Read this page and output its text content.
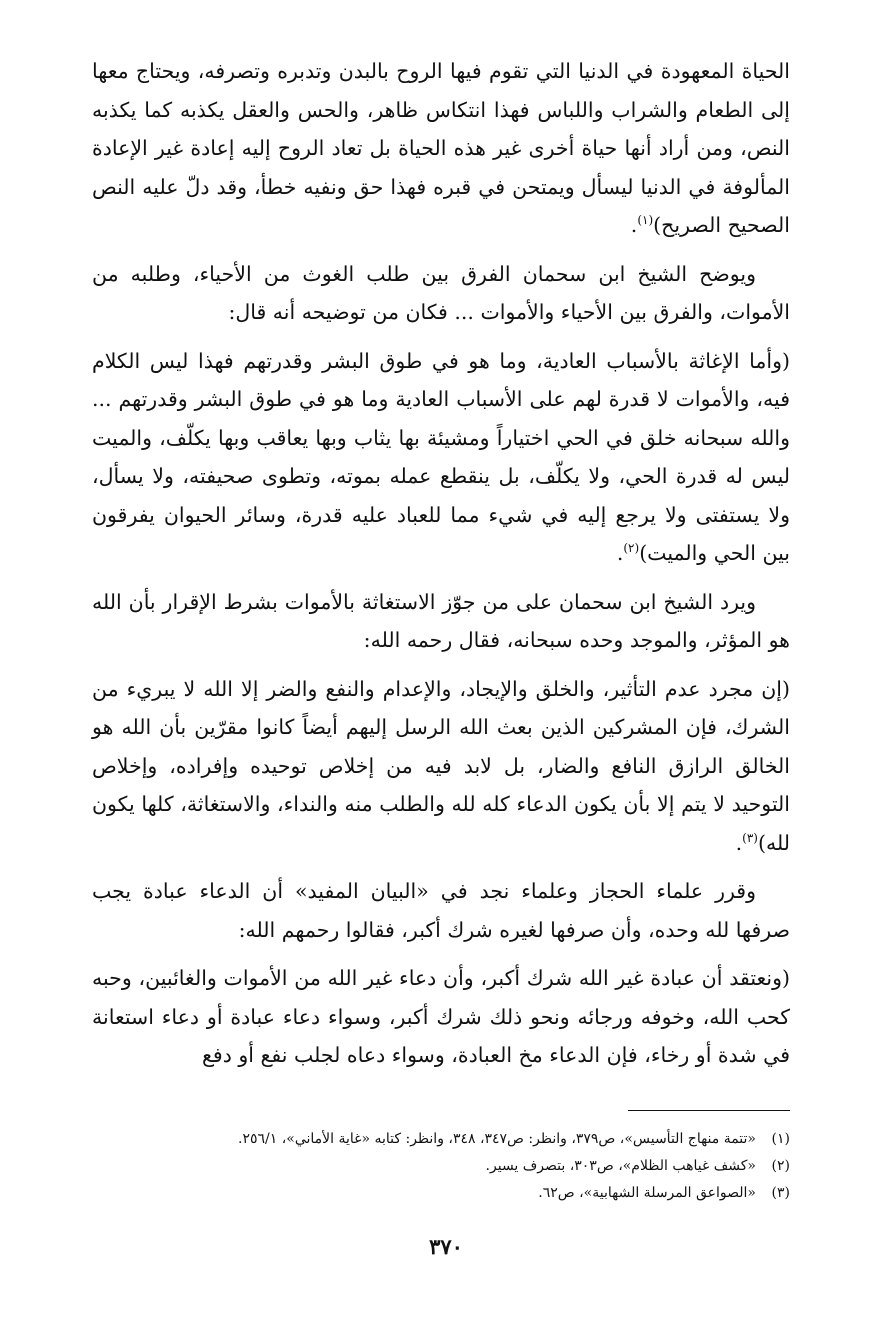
الحياة المعهودة في الدنيا التي تقوم فيها الروح بالبدن وتدبره وتصرفه، ويحتاج معها إلى الطعام والشراب واللباس فهذا انتكاس ظاهر، والحس والعقل يكذبه كما يكذبه النص، ومن أراد أنها حياة أخرى غير هذه الحياة بل تعاد الروح إليه إعادة غير الإعادة المألوفة في الدنيا ليسأل ويمتحن في قبره فهذا حق ونفيه خطأ، وقد دلّ عليه النص الصحيح الصريح)$^{(١)}$.

ويوضح الشيخ ابن سحمان الفرق بين طلب الغوث من الأحياء، وطلبه من الأموات، والفرق بين الأحياء والأموات ... فكان من توضيحه أنه قال:

(وأما الإغاثة بالأسباب العادية، وما هو في طوق البشر وقدرتهم فهذا ليس الكلام فيه، والأموات لا قدرة لهم على الأسباب العادية وما هو في طوق البشر وقدرتهم ... والله سبحانه خلق في الحي اختياراً ومشيئة بها يثاب وبها يعاقب وبها يكلّف، والميت ليس له قدرة الحي، ولا يكلّف، بل ينقطع عمله بموته، وتطوى صحيفته، ولا يسأل، ولا يستفتى ولا يرجع إليه في شيء مما للعباد عليه قدرة، وسائر الحيوان يفرقون بين الحي والميت)$^{(٢)}$.

ويرد الشيخ ابن سحمان على من جوّز الاستغاثة بالأموات بشرط الإقرار بأن الله هو المؤثر، والموجد وحده سبحانه، فقال رحمه الله:

(إن مجرد عدم التأثير، والخلق والإيجاد، والإعدام والنفع والضر إلا الله لا يبريء من الشرك، فإن المشركين الذين بعث الله الرسل إليهم أيضاً كانوا مقرّين بأن الله هو الخالق الرازق النافع والضار، بل لابد فيه من إخلاص توحيده وإفراده، وإخلاص التوحيد لا يتم إلا بأن يكون الدعاء كله لله والطلب منه والنداء، والاستغاثة، كلها يكون لله)$^{(٣)}$.

وقرر علماء الحجاز وعلماء نجد في «البيان المفيد» أن الدعاء عبادة يجب صرفها لله وحده، وأن صرفها لغيره شرك أكبر، فقالوا رحمهم الله:

(ونعتقد أن عبادة غير الله شرك أكبر، وأن دعاء غير الله من الأموات والغائبين، وحبه كحب الله، وخوفه ورجائه ونحو ذلك شرك أكبر، وسواء دعاء عبادة أو دعاء استعانة في شدة أو رخاء، فإن الدعاء مخ العبادة، وسواء دعاه لجلب نفع أو دفع

(١)«تتمة منهاج التأسيس»، ص٣٧٩، وانظر: ص٣٤٧، ٣٤٨، وانظر: كتابه «غاية الأماني»، ٢٥٦/١.

(٢)«كشف غياهب الظلام»، ص٣٠٣، بتصرف يسير.

(٣)«الصواعق المرسلة الشهابية»، ص٦٢.

٣٧٠
